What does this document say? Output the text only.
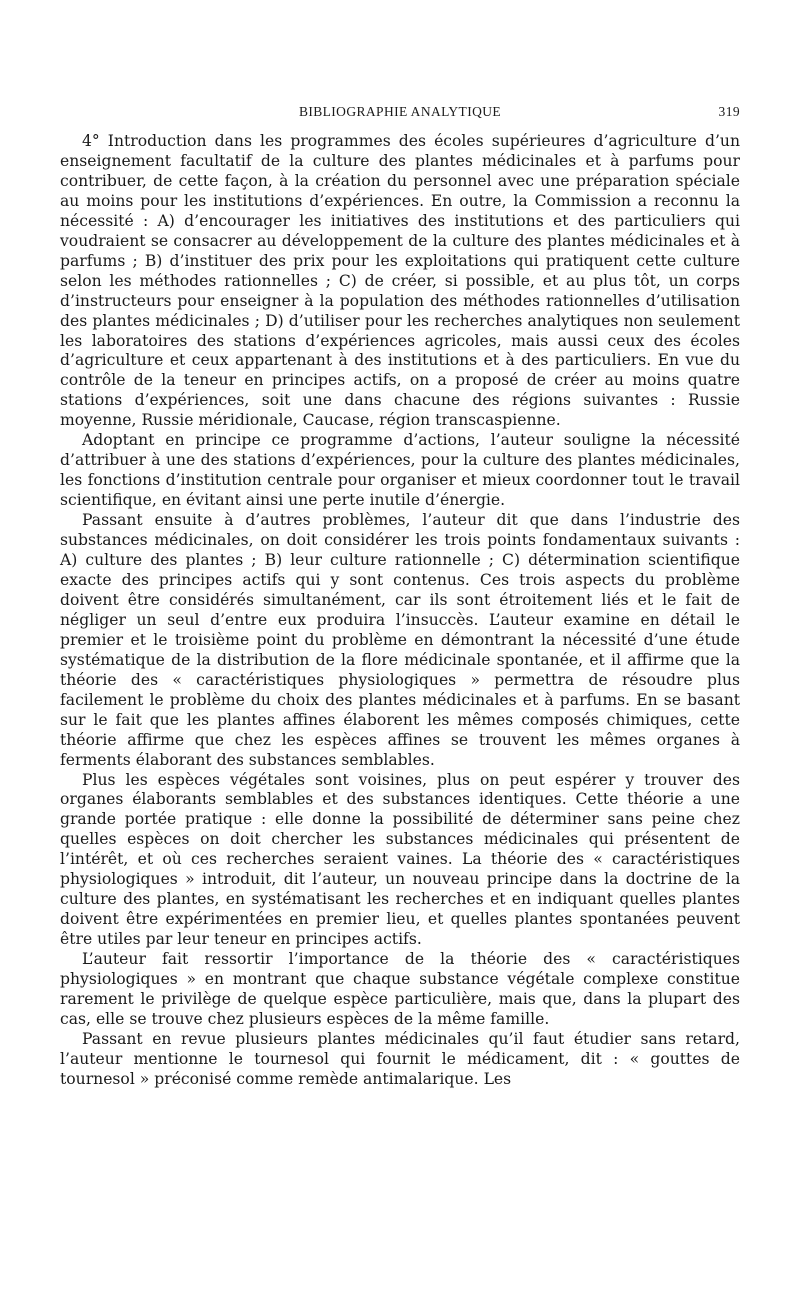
BIBLIOGRAPHIE ANALYTIQUE	319

4° Introduction dans les programmes des écoles supérieures d’agriculture d’un enseignement facultatif de la culture des plantes médicinales et à parfums pour contribuer, de cette façon, à la création du personnel avec une préparation spéciale au moins pour les institutions d’expériences. En outre, la Commission a reconnu la nécessité : A) d’encourager les initiatives des institutions et des particuliers qui voudraient se consacrer au développement de la culture des plantes médicinales et à parfums ; B) d’instituer des prix pour les exploitations qui pratiquent cette culture selon les méthodes rationnelles ; C) de créer, si possible, et au plus tôt, un corps d’instructeurs pour enseigner à la population des méthodes rationnelles d’utilisation des plantes médicinales ; D) d’utiliser pour les recherches analytiques non seulement les laboratoires des stations d’expériences agricoles, mais aussi ceux des écoles d’agriculture et ceux appartenant à des institutions et à des particuliers. En vue du contrôle de la teneur en principes actifs, on a proposé de créer au moins quatre stations d’expériences, soit une dans chacune des régions suivantes : Russie moyenne, Russie méridionale, Caucase, région transcaspienne.

Adoptant en principe ce programme d’actions, l’auteur souligne la nécessité d’attribuer à une des stations d’expériences, pour la culture des plantes médicinales, les fonctions d’institution centrale pour organiser et mieux coordonner tout le travail scientifique, en évitant ainsi une perte inutile d’énergie.

Passant ensuite à d’autres problèmes, l’auteur dit que dans l’industrie des substances médicinales, on doit considérer les trois points fondamentaux suivants : A) culture des plantes ; B) leur culture rationnelle ; C) détermination scientifique exacte des principes actifs qui y sont contenus. Ces trois aspects du problème doivent être considérés simultanément, car ils sont étroitement liés et le fait de négliger un seul d’entre eux produira l’insuccès. L’auteur examine en détail le premier et le troisième point du problème en démontrant la nécessité d’une étude systématique de la distribution de la flore médicinale spontanée, et il affirme que la théorie des « caractéristiques physiologiques » permettra de résoudre plus facilement le problème du choix des plantes médicinales et à parfums. En se basant sur le fait que les plantes affines élaborent les mêmes composés chimiques, cette théorie affirme que chez les espèces affines se trouvent les mêmes organes à ferments élaborant des substances semblables.

Plus les espèces végétales sont voisines, plus on peut espérer y trouver des organes élaborants semblables et des substances identiques. Cette théorie a une grande portée pratique : elle donne la possibilité de déterminer sans peine chez quelles espèces on doit chercher les substances médicinales qui présentent de l’intérêt, et où ces recherches seraient vaines. La théorie des « caractéristiques physiologiques » introduit, dit l’auteur, un nouveau principe dans la doctrine de la culture des plantes, en systématisant les recherches et en indiquant quelles plantes doivent être expérimentées en premier lieu, et quelles plantes spontanées peuvent être utiles par leur teneur en principes actifs.

L’auteur fait ressortir l’importance de la théorie des « caractéristiques physiologiques » en montrant que chaque substance végétale complexe constitue rarement le privilège de quelque espèce particulière, mais que, dans la plupart des cas, elle se trouve chez plusieurs espèces de la même famille.

Passant en revue plusieurs plantes médicinales qu’il faut étudier sans retard, l’auteur mentionne le tournesol qui fournit le médicament, dit : « gouttes de tournesol » préconisé comme remède antimalarique. Les
